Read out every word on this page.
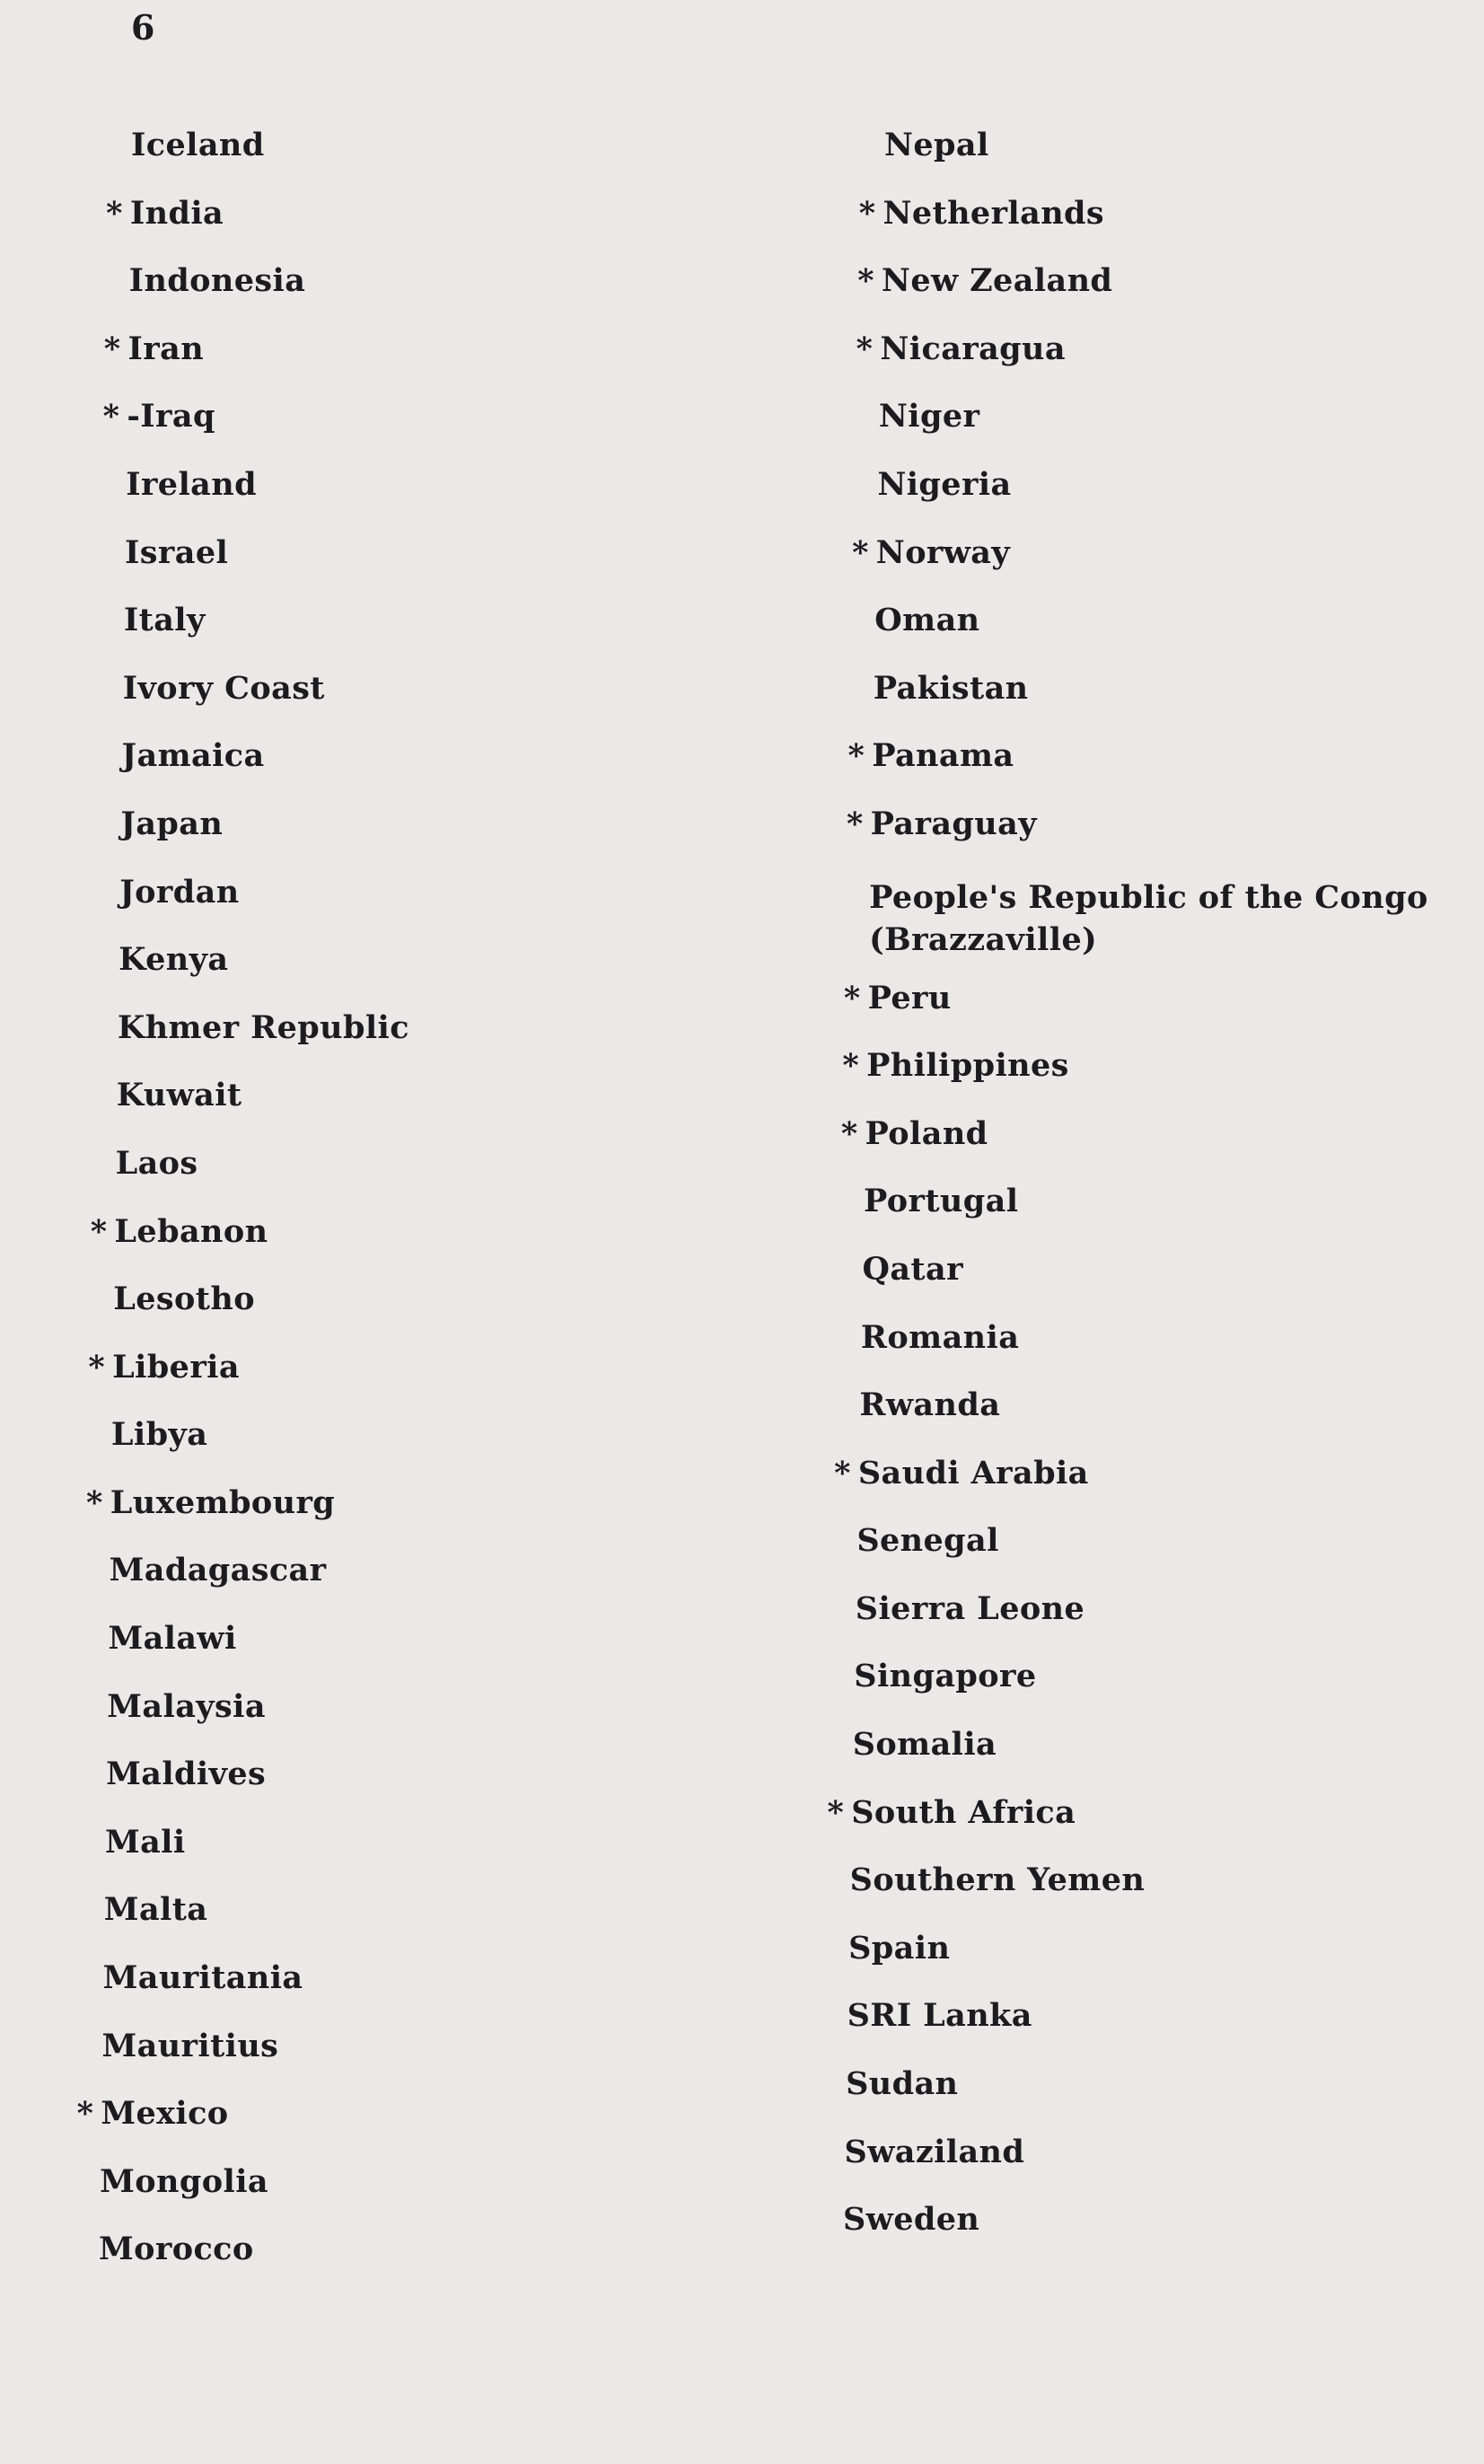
6
Iceland
* India
Indonesia
* Iran
* -Iraq
Ireland
Israel
Italy
Ivory Coast
Jamaica
Japan
Jordan
Kenya
Khmer Republic
Kuwait
Laos
* Lebanon
Lesotho
* Liberia
Libya
* Luxembourg
Madagascar
Malawi
Malaysia
Maldives
Mali
Malta
Mauritania
Mauritius
* Mexico
Mongolia
Morocco
Nepal
* Netherlands
* New Zealand
* Nicaragua
Niger
Nigeria
* Norway
Oman
Pakistan
* Panama
* Paraguay
People's Republic of the Congo (Brazzaville)
* Peru
* Philippines
* Poland
Portugal
Qatar
Romania
Rwanda
* Saudi Arabia
Senegal
Sierra Leone
Singapore
Somalia
* South Africa
Southern Yemen
Spain
SRI Lanka
Sudan
Swaziland
Sweden
